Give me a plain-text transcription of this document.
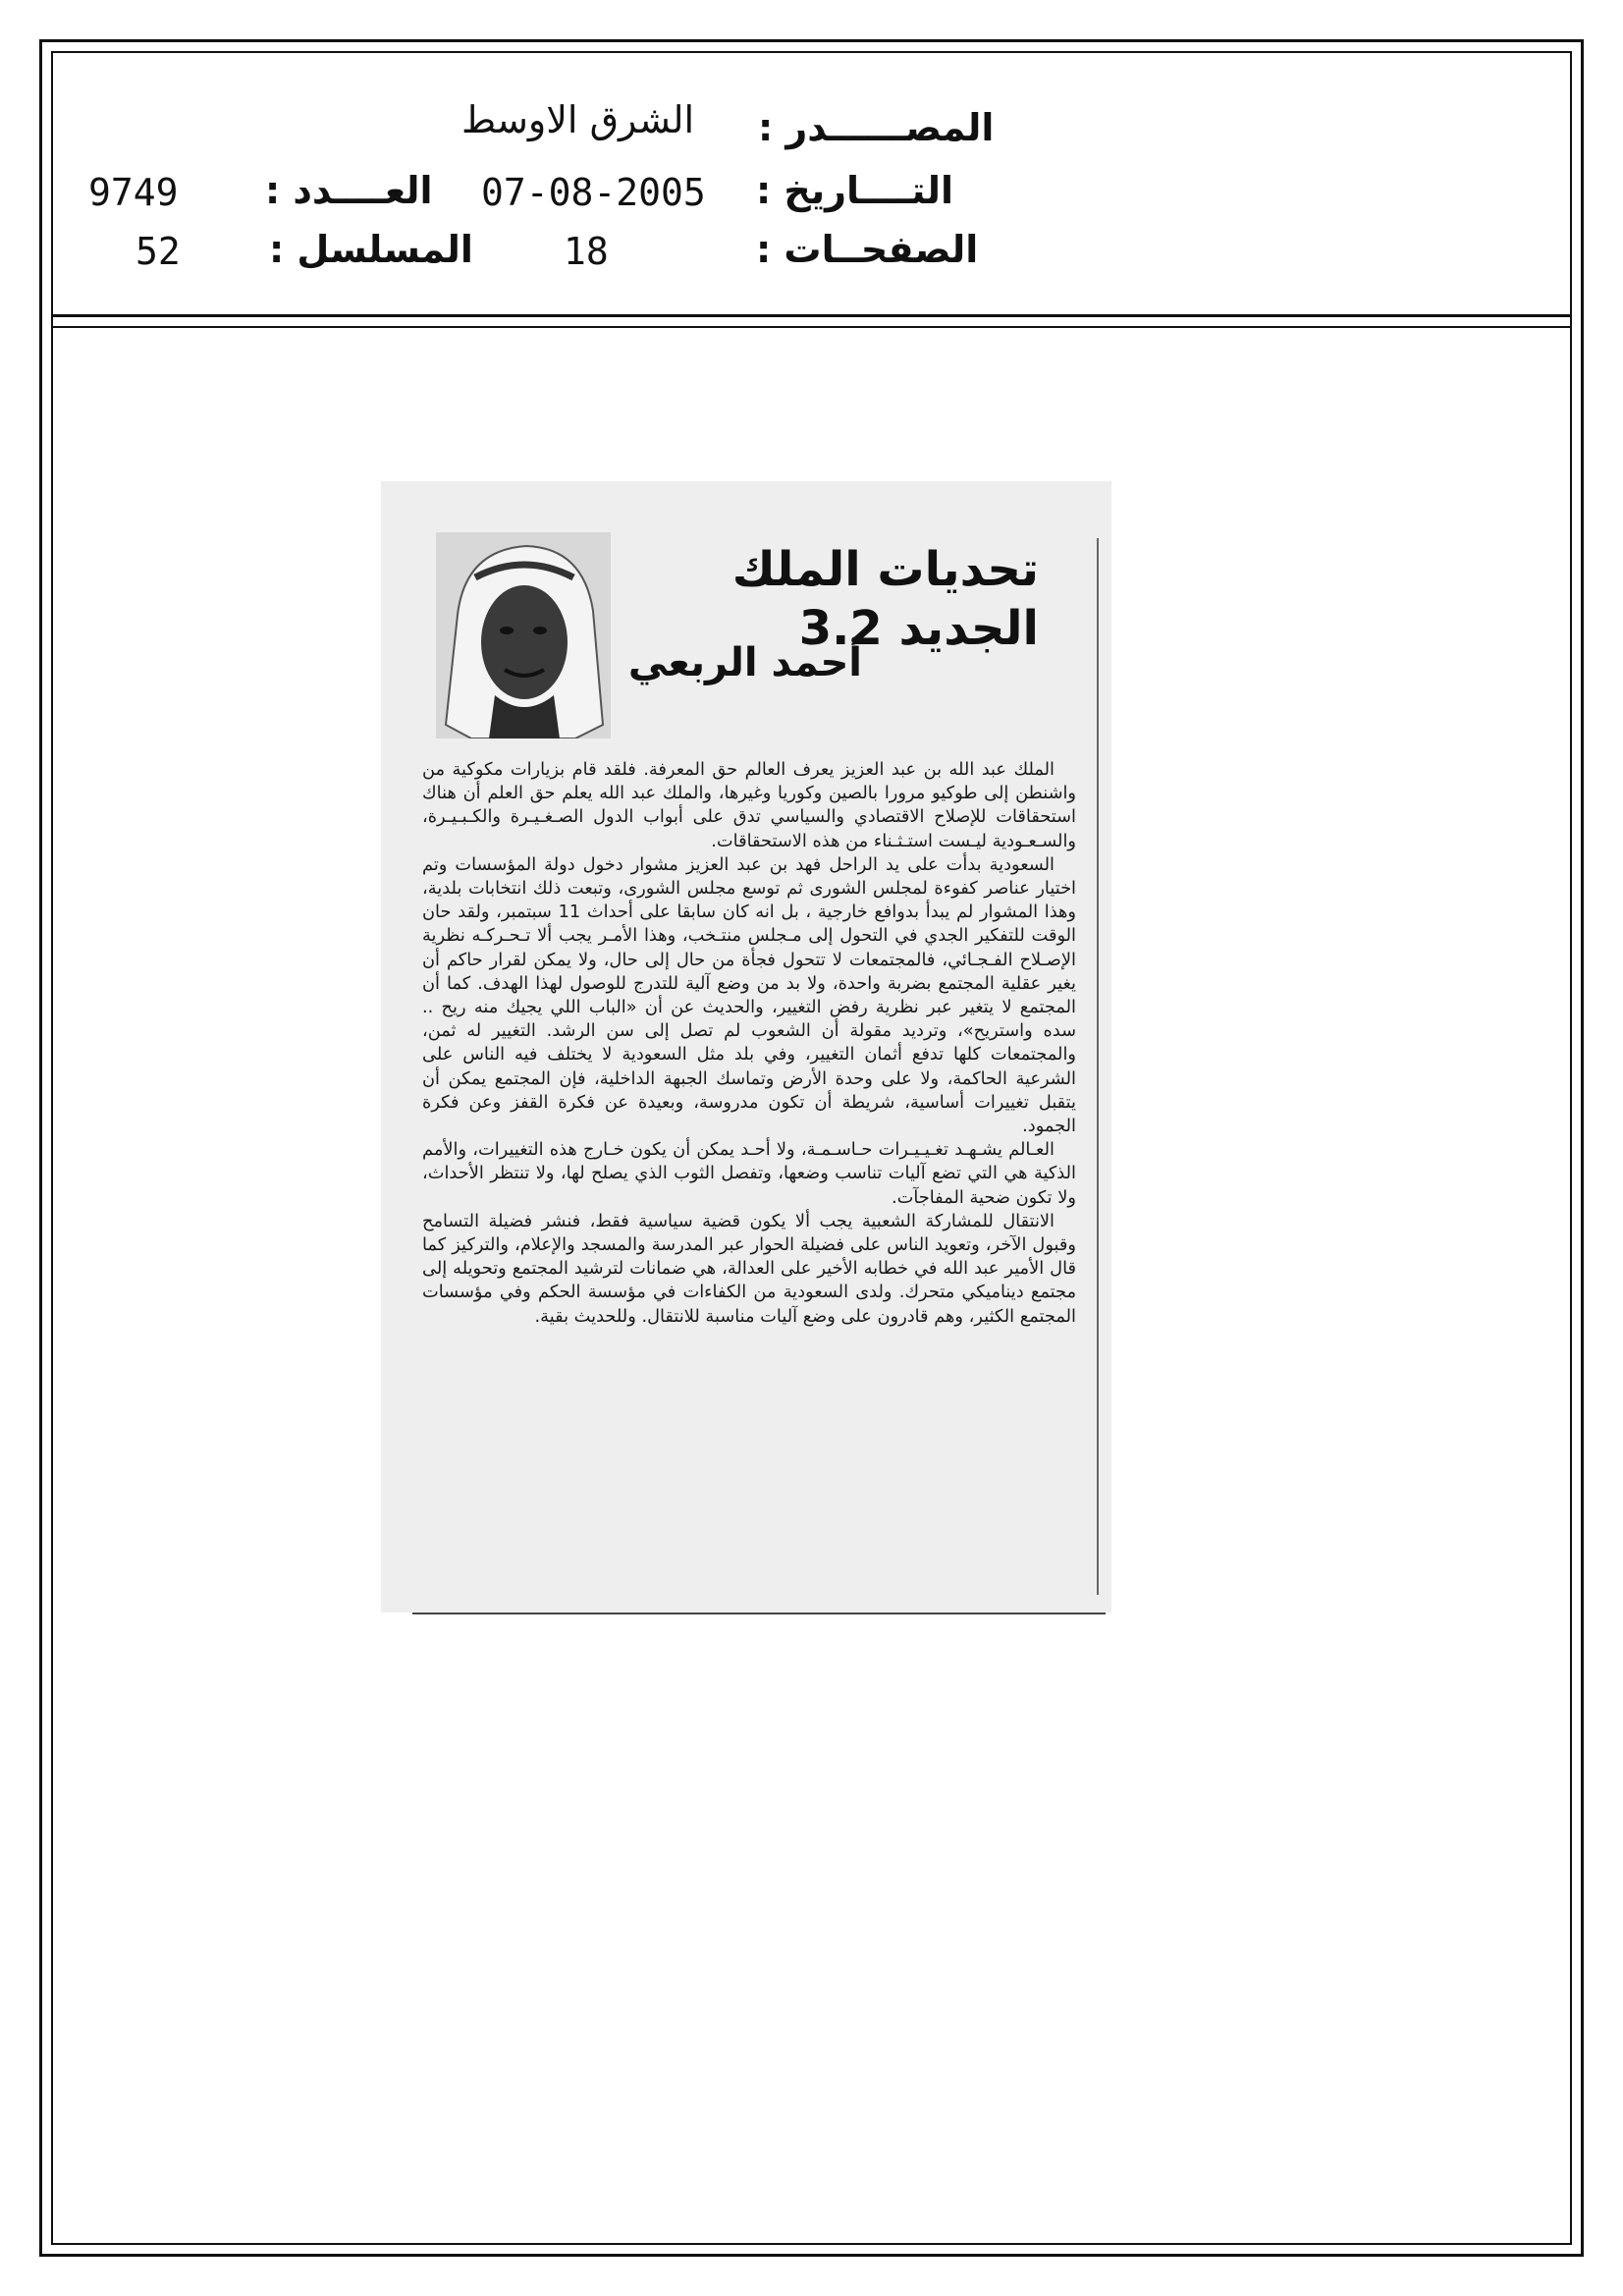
المصــــــدر :
الشرق الاوسط
التــــاريخ :
07-08-2005
العــــدد :
9749
الصفحــات :
18
المسلسل :
52
تحديات الملك الجديد 3.2
أحمد الربعي

الملك عبد الله بن عبد العزيز يعرف العالم حق المعرفة. فلقد قام بزيارات مكوكية من واشنطن إلى طوكيو مرورا بالصين وكوريا وغيرها، والملك عبد الله يعلم حق العلم أن هناك استحقاقات للإصلاح الاقتصادي والسياسي تدق على أبواب الدول الصـغـيـرة والكـبـيـرة، والسـعـودية ليـست استـثـناء من هذه الاستحقاقات.

السعودية بدأت على يد الراحل فهد بن عبد العزيز مشوار دخول دولة المؤسسات وتم اختيار عناصر كفوءة لمجلس الشورى ثم توسع مجلس الشورى، وتبعت ذلك انتخابات بلدية، وهذا المشوار لم يبدأ بدوافع خارجية ، بل انه كان سابقا على أحداث 11 سبتمبر، ولقد حان الوقت للتفكير الجدي في التحول إلى مـجلس منتـخب، وهذا الأمـر يجب ألا تـحـركـه نظرية الإصـلاح الفـجـائي، فالمجتمعات لا تتحول فجأة من حال إلى حال، ولا يمكن لقرار حاكم أن يغير عقلية المجتمع بضربة واحدة، ولا بد من وضع آلية للتدرج للوصول لهذا الهدف. كما أن المجتمع لا يتغير عبر نظرية رفض التغيير، والحديث عن أن «الباب اللي يجيك منه ريح .. سده واستريح»، وترديد مقولة أن الشعوب لم تصل إلى سن الرشد. التغيير له ثمن، والمجتمعات كلها تدفع أثمان التغيير، وفي بلد مثل السعودية لا يختلف فيه الناس على الشرعية الحاكمة، ولا على وحدة الأرض وتماسك الجبهة الداخلية، فإن المجتمع يمكن أن يتقبل تغييرات أساسية، شريطة أن تكون مدروسة، وبعيدة عن فكرة القفز وعن فكرة الجمود.

العـالم يشـهـد تغـيـيـرات حـاسـمـة، ولا أحـد يمكن أن يكون خـارج هذه التغييرات، والأمم الذكية هي التي تضع آليات تناسب وضعها، وتفصل الثوب الذي يصلح لها، ولا تنتظر الأحداث، ولا تكون ضحية المفاجآت.

الانتقال للمشاركة الشعبية يجب ألا يكون قضية سياسية فقط، فنشر فضيلة التسامح وقبول الآخر، وتعويد الناس على فضيلة الحوار عبر المدرسة والمسجد والإعلام، والتركيز كما قال الأمير عبد الله في خطابه الأخير على العدالة، هي ضمانات لترشيد المجتمع وتحويله إلى مجتمع ديناميكي متحرك. ولدى السعودية من الكفاءات في مؤسسة الحكم وفي مؤسسات المجتمع الكثير، وهم قادرون على وضع آليات مناسبة للانتقال. وللحديث بقية.
